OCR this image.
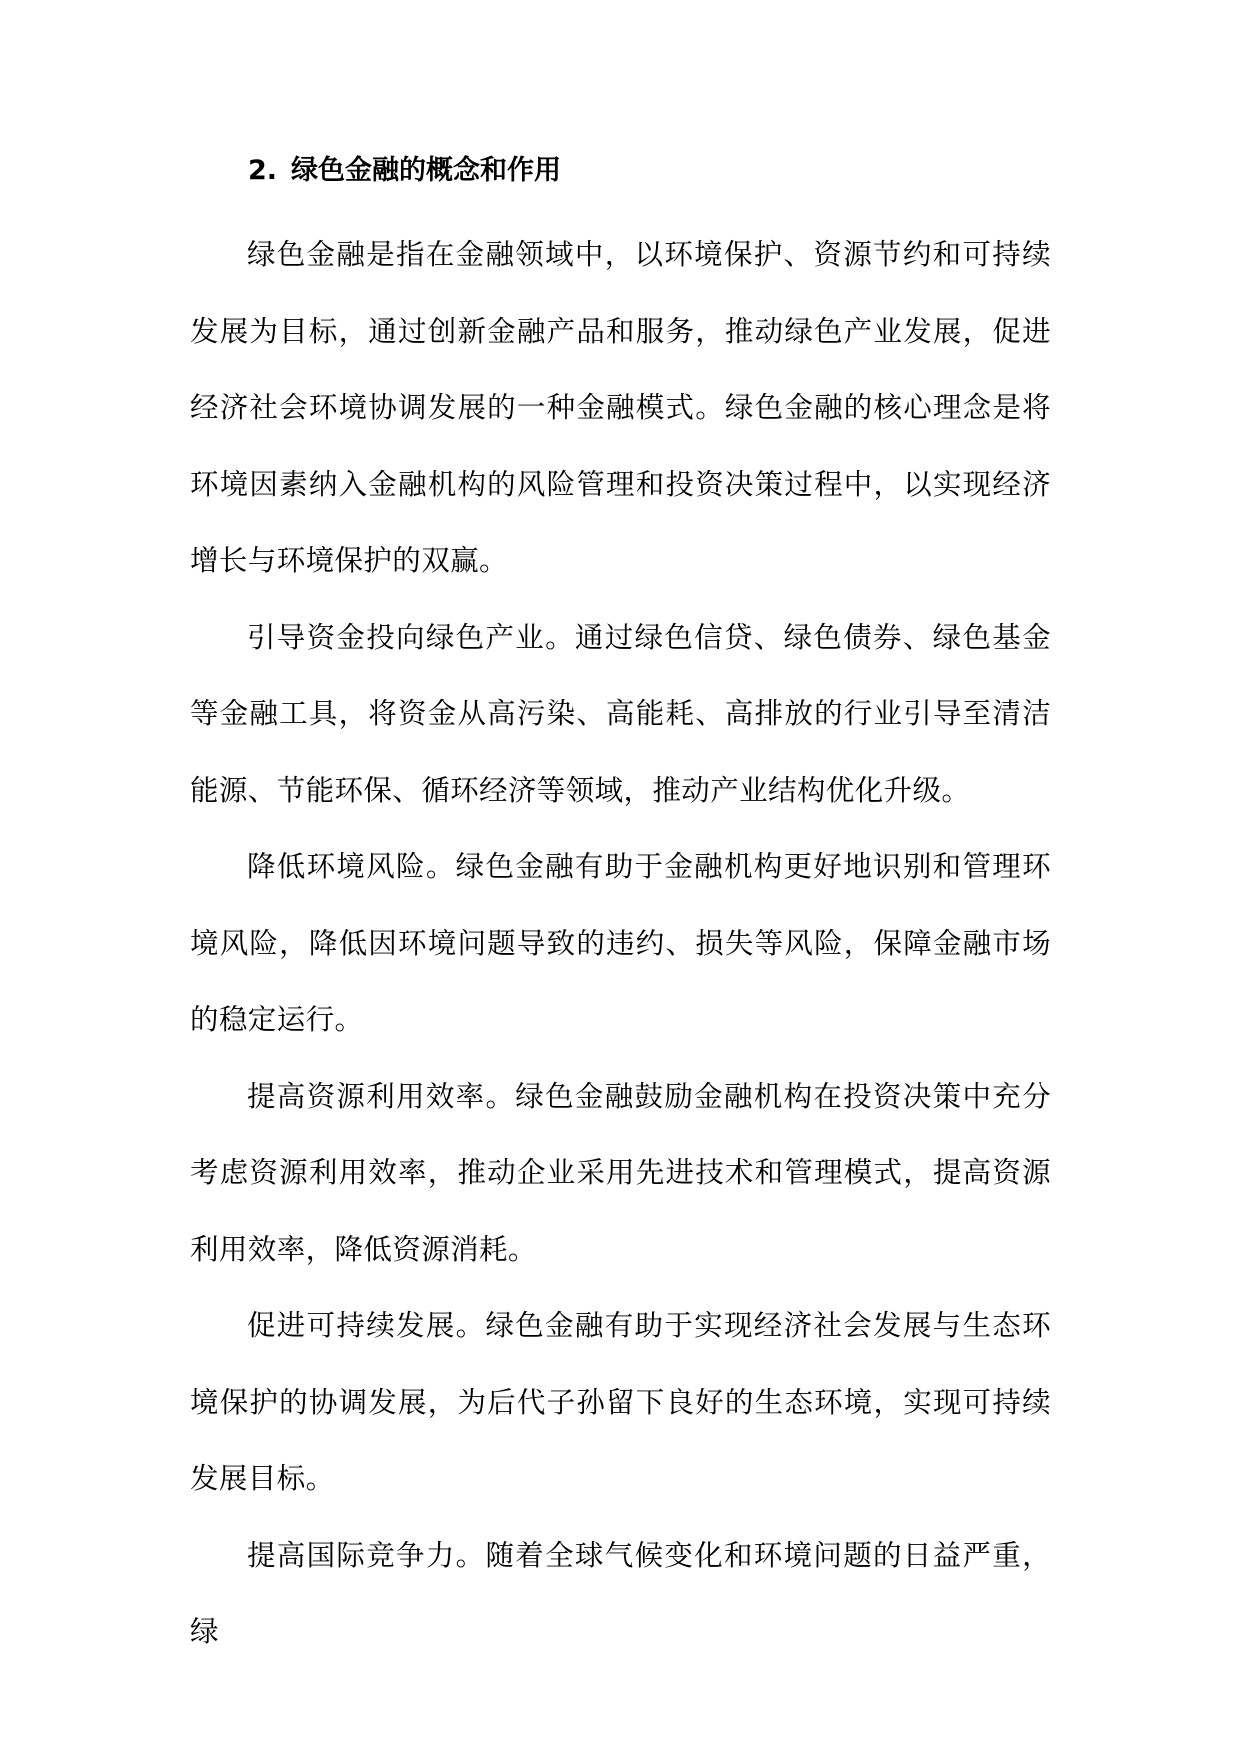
2. 绿色金融的概念和作用

绿色金融是指在金融领域中，以环境保护、资源节约和可持续发展为目标，通过创新金融产品和服务，推动绿色产业发展，促进经济社会环境协调发展的一种金融模式。绿色金融的核心理念是将环境因素纳入金融机构的风险管理和投资决策过程中，以实现经济增长与环境保护的双赢。

引导资金投向绿色产业。通过绿色信贷、绿色债券、绿色基金等金融工具，将资金从高污染、高能耗、高排放的行业引导至清洁能源、节能环保、循环经济等领域，推动产业结构优化升级。

降低环境风险。绿色金融有助于金融机构更好地识别和管理环境风险，降低因环境问题导致的违约、损失等风险，保障金融市场的稳定运行。

提高资源利用效率。绿色金融鼓励金融机构在投资决策中充分考虑资源利用效率，推动企业采用先进技术和管理模式，提高资源利用效率，降低资源消耗。

促进可持续发展。绿色金融有助于实现经济社会发展与生态环境保护的协调发展，为后代子孙留下良好的生态环境，实现可持续发展目标。

提高国际竞争力。随着全球气候变化和环境问题的日益严重，绿
